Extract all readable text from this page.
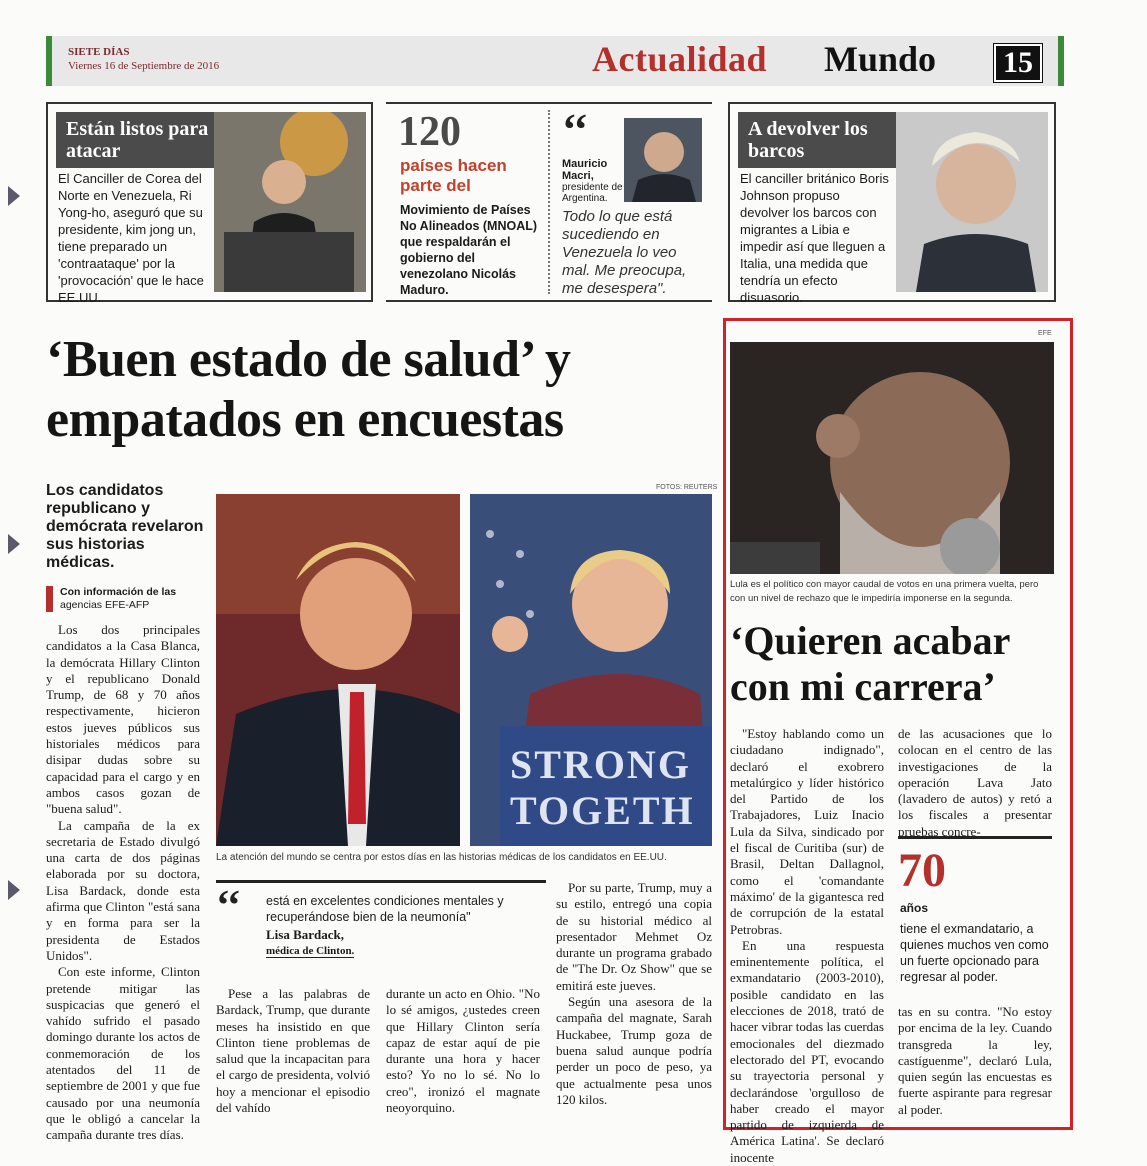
SIETE DÍAS
Viernes 16 de Septiembre de 2016	Actualidad Mundo	15
Están listos para atacar
El Canciller de Corea del Norte en Venezuela, Ri Yong-ho, aseguró que su presidente, kim jong un, tiene preparado un 'contraataque' por la 'provocación' que le hace EE.UU.
120
países hacen parte del
Movimiento de Países No Alineados (MNOAL) que respaldarán el gobierno del venezolano Nicolás Maduro.
‘‘
Mauricio Macri,
presidente de Argentina.
Todo lo que está sucediendo en Venezuela lo veo mal. Me preocupa, me desespera".
A devolver los barcos
El canciller británico Boris Johnson propuso devolver los barcos con migrantes a Libia e impedir así que lleguen a Italia, una medida que tendría un efecto disuasorio.
‘Buen estado de salud’ y empatados en encuestas
Los candidatos republicano y demócrata revelaron sus historias médicas.
Con información de las
agencias EFE-AFP

Los dos principales candidatos a la Casa Blanca, la demócrata Hillary Clinton y el republicano Donald Trump, de 68 y 70 años respectivamente, hicieron estos jueves públicos sus historiales médicos para disipar dudas sobre su capacidad para el cargo y en ambos casos gozan de "buena salud".

La campaña de la ex secretaria de Estado divulgó una carta de dos páginas elaborada por su doctora, Lisa Bardack, donde esta afirma que Clinton "está sana y en forma para ser la presidenta de Estados Unidos".

Con este informe, Clinton pretende mitigar las suspicacias que generó el vahído sufrido el pasado domingo durante los actos de conmemoración de los atentados del 11 de septiembre de 2001 y que fue causado por una neumonía que le obligó a cancelar la campaña durante tres días.

FOTOS: REUTERS
STRONG TOGETH
La atención del mundo se centra por estos días en las historias médicas de los candidatos en EE.UU.
‘‘ está en excelentes condiciones mentales y recuperándose bien de la neumonía"
Lisa Bardack,
médica de Clinton.

Pese a las palabras de Bardack, Trump, que durante meses ha insistido en que Clinton tiene problemas de salud que la incapacitan para el cargo de presidenta, volvió hoy a mencionar el episodio del vahído

durante un acto en Ohio. "No lo sé amigos, ¿ustedes creen que Hillary Clinton sería capaz de estar aquí de pie durante una hora y hacer esto? Yo no lo sé. No lo creo", ironizó el magnate neoyorquino.

Por su parte, Trump, muy a su estilo, entregó una copia de su historial médico al presentador Mehmet Oz durante un programa grabado de "The Dr. Oz Show" que se emitirá este jueves.

Según una asesora de la campaña del magnate, Sarah Huckabee, Trump goza de buena salud aunque podría perder un poco de peso, ya que actualmente pesa unos 120 kilos.

EFE
Lula es el político con mayor caudal de votos en una primera vuelta, pero con un nivel de rechazo que le impediría imponerse en la segunda.
‘Quieren acabar con mi carrera’

"Estoy hablando como un ciudadano indignado", declaró el exobrero metalúrgico y líder histórico del Partido de los Trabajadores, Luiz Inacio Lula da Silva, sindicado por el fiscal de Curitiba (sur) de Brasil, Deltan Dallagnol, como el 'comandante máximo' de la gigantesca red de corrupción de la estatal Petrobras.

En una respuesta eminentemente política, el exmandatario (2003-2010), posible candidato en las elecciones de 2018, trató de hacer vibrar todas las cuerdas emocionales del diezmado electorado del PT, evocando su trayectoria personal y declarándose 'orgulloso de haber creado el mayor partido de izquierda de América Latina'. Se declaró inocente

de las acusaciones que lo colocan en el centro de las investigaciones de la operación Lava Jato (lavadero de autos) y retó a los fiscales a presentar pruebas concre-

70
años
tiene el exmandatario, a quienes muchos ven como un fuerte opcionado para regresar al poder.

tas en su contra. "No estoy por encima de la ley. Cuando transgreda la ley, castíguenme", declaró Lula, quien según las encuestas es fuerte aspirante para regresar al poder.
